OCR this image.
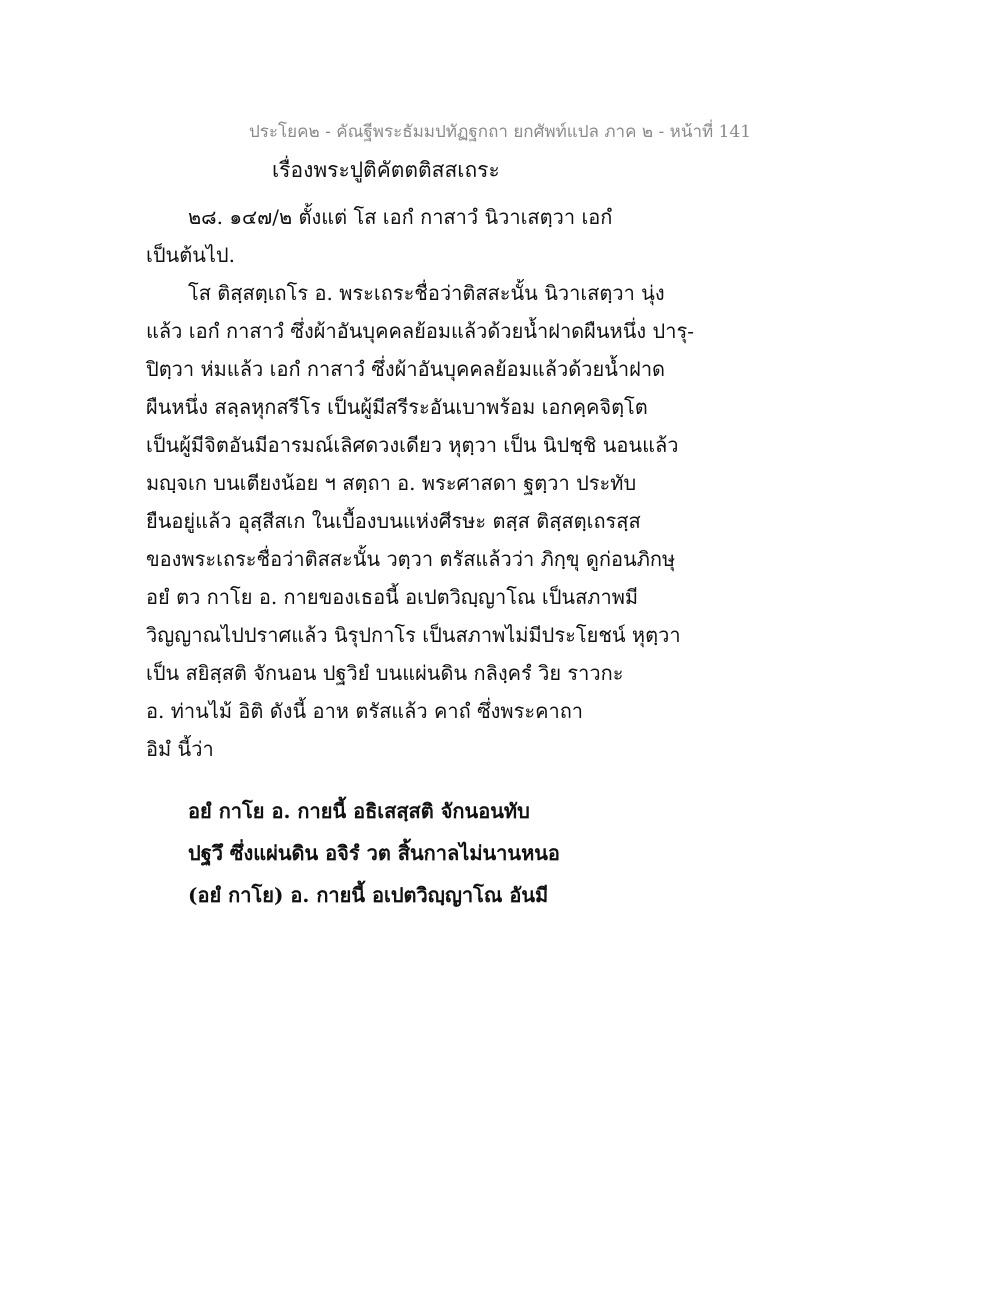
ประโยค๒ - คัณฐีพระธัมมปทัฏฐกถา ยกศัพท์แปล ภาค ๒ - หน้าที่ 141
เรื่องพระปูติคัตตติสสเถระ
๒๘. ๑๔๗/๒ ตั้งแต่ โส เอกํ กาสาวํ นิวาเสตฺวา เอกํ
เป็นต้นไป.
โส ติสฺสตฺเถโร อ. พระเถระชื่อว่าติสสะนั้น นิวาเสตฺวา นุ่ง
แล้ว เอกํ กาสาวํ ซึ่งผ้าอันบุคคลย้อมแล้วด้วยน้ำฝาดผืนหนึ่ง ปารุ-
ปิตฺวา ห่มแล้ว เอกํ กาสาวํ ซึ่งผ้าอันบุคคลย้อมแล้วด้วยน้ำฝาด
ผืนหนึ่ง สลฺลหุกสรีโร เป็นผู้มีสรีระอันเบาพร้อม เอกคฺคจิตฺโต
เป็นผู้มีจิตอันมีอารมณ์เลิศดวงเดียว หุตฺวา เป็น นิปชฺชิ นอนแล้ว
มญฺจเก บนเตียงน้อย ฯ สตฺถา อ. พระศาสดา ฐตฺวา ประทับ
ยืนอยู่แล้ว อุสฺสีสเก ในเบื้องบนแห่งศีรษะ ตสฺส ติสฺสตฺเถรสฺส
ของพระเถระชื่อว่าติสสะนั้น วตฺวา ตรัสแล้วว่า ภิกฺขุ ดูก่อนภิกษุ
อยํ ตว กาโย อ. กายของเธอนี้ อเปตวิญฺญาโณ เป็นสภาพมี
วิญญาณไปปราศแล้ว นิรุปกาโร เป็นสภาพไม่มีประโยชน์ หุตฺวา
เป็น สยิสฺสติ จักนอน ปฐวิยํ บนแผ่นดิน กลิงฺครํ วิย ราวกะ
อ. ท่านไม้ อิติ ดังนี้ อาห ตรัสแล้ว คาถํ ซึ่งพระคาถา
อิมํ นี้ว่า
อยํ กาโย อ. กายนี้ อธิเสสฺสติ จักนอนทับ
ปฐวึ ซึ่งแผ่นดิน อจิรํ วต สิ้นกาลไม่นานหนอ
(อยํ กาโย) อ. กายนี้ อเปตวิญฺญาโณ อันมี
